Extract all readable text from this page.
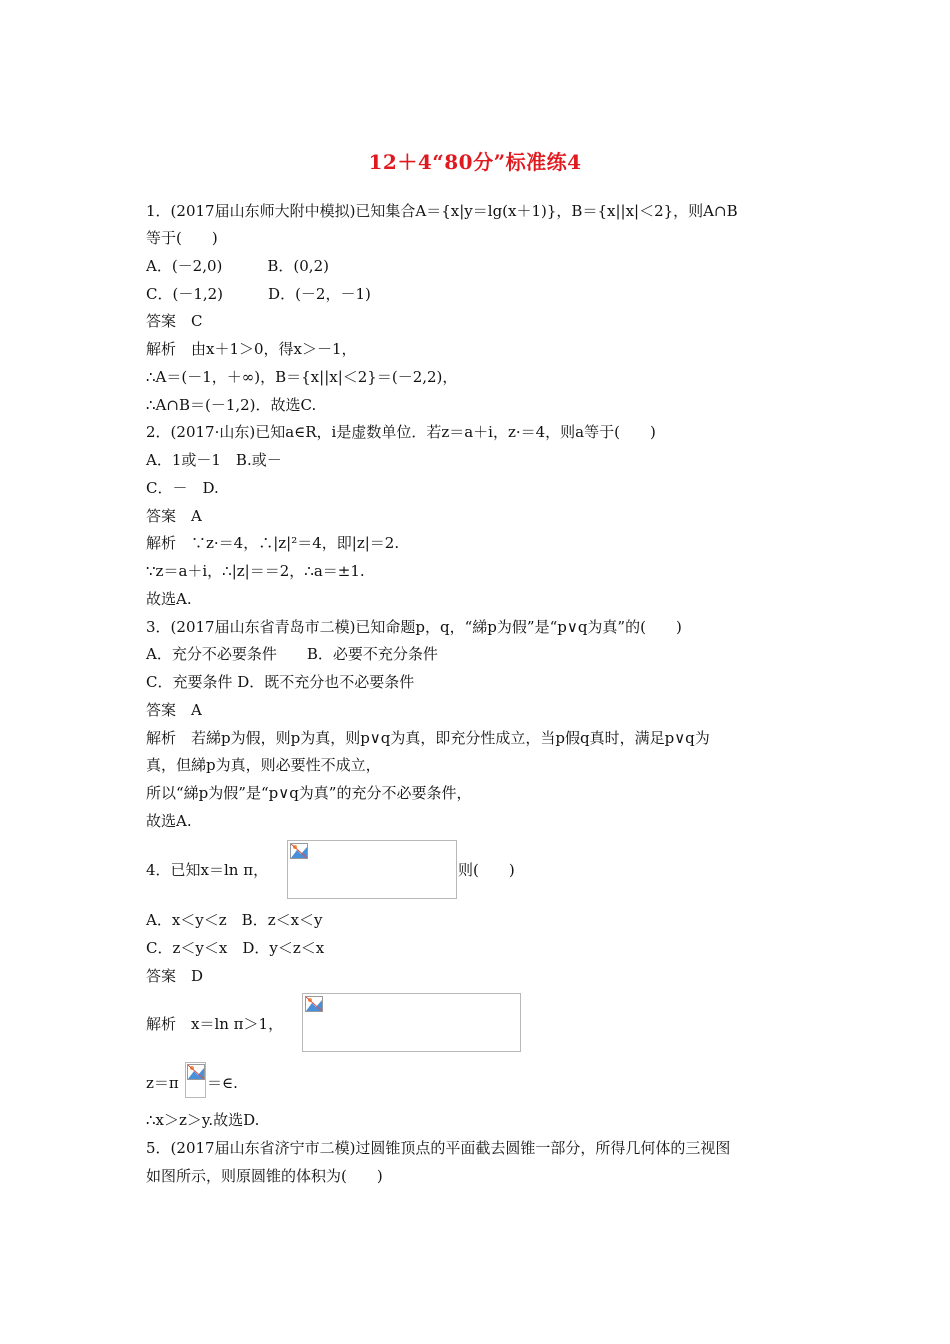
12＋4“80分”标准练4
1．(2017届山东师大附中模拟)已知集合A＝{x|y＝lg(x＋1)}，B＝{x||x|＜2}，则A∩B
等于(　　)
A．(－2,0)　　　B．(0,2)
C．(－1,2)　　　D．(－2，－1)
答案　C
解析　由x＋1＞0，得x＞－1，
∴A＝(－1，＋∞)，B＝{x||x|＜2}＝(－2,2)，
∴A∩B＝(－1,2)．故选C.
2．(2017·山东)已知a∈R，i是虚数单位．若z＝a＋i，z·＝4，则a等于(　　)
A．1或－1　B.或－
C．－　D.
答案　A
解析　∵z·＝4，∴|z|²＝4，即|z|＝2.
∵z＝a＋i，∴|z|＝＝2，∴a＝±1.
故选A.
3．(2017届山东省青岛市二模)已知命题p，q，“綈p为假”是“p∨q为真”的(　　)
A．充分不必要条件　　B．必要不充分条件
C．充要条件 D．既不充分也不必要条件
答案　A
解析　若綈p为假，则p为真，则p∨q为真，即充分性成立，当p假q真时，满足p∨q为
真，但綈p为真，则必要性不成立，
所以“綈p为假”是“p∨q为真”的充分不必要条件，
故选A.
4．已知x＝ln π，	则(　　)
A．x＜y＜z　B．z＜x＜y
C．z＜y＜x　D．y＜z＜x
答案　D
解析　x＝ln π＞1，
z＝π ＝∈.
∴x＞z＞y.故选D.
5．(2017届山东省济宁市二模)过圆锥顶点的平面截去圆锥一部分，所得几何体的三视图
如图所示，则原圆锥的体积为(　　)
